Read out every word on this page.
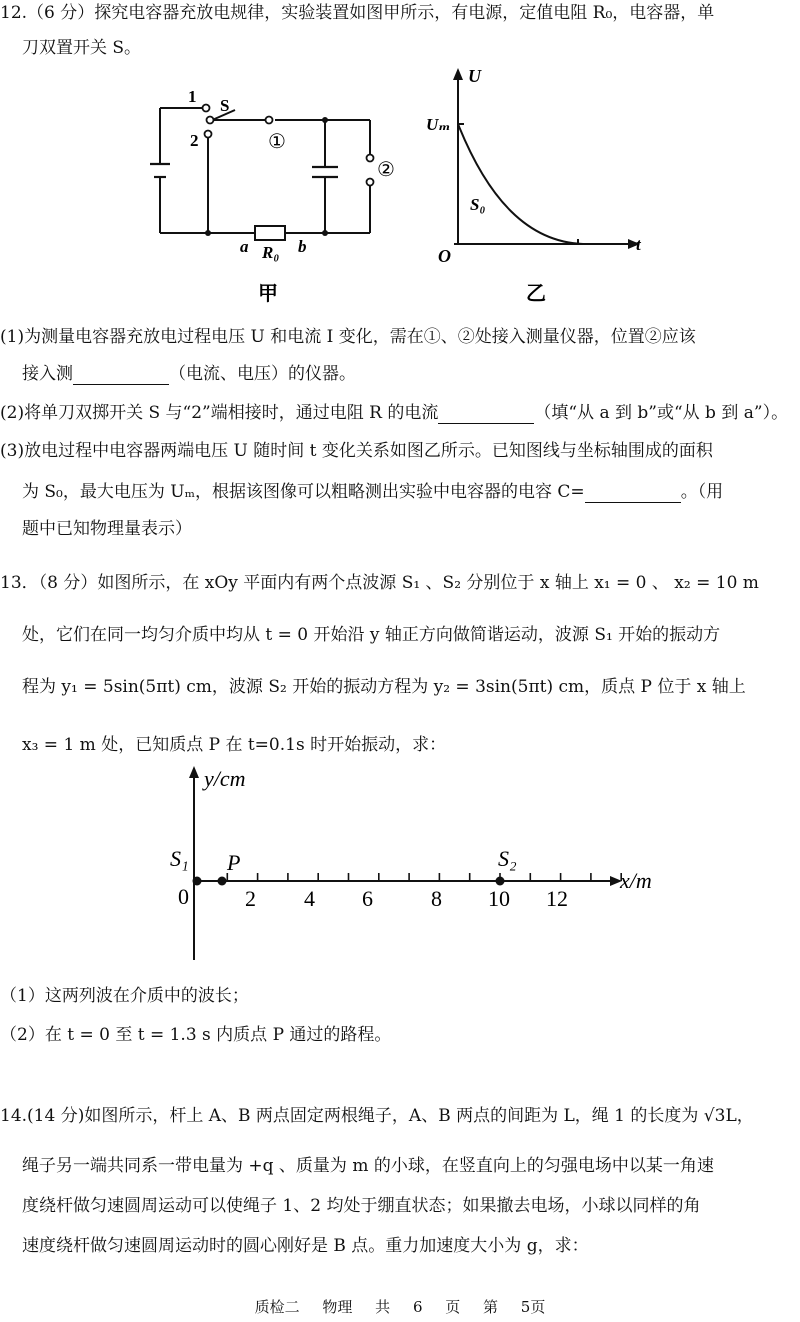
12.（6 分）探究电容器充放电规律，实验装置如图甲所示，有电源，定值电阻 R₀，电容器，单
刀双置开关 S。
1 S
2	①
②
a R₀ b
甲
U
Uₘ
S₀
O
t
乙
(1)为测量电容器充放电过程电压 U 和电流 I 变化，需在①、②处接入测量仪器，位置②应该
接入测	（电流、电压）的仪器。
(2)将单刀双掷开关 S 与“2”端相接时，通过电阻 R 的电流	（填“从 a 到 b”或“从 b 到 a”）。
(3)放电过程中电容器两端电压 U 随时间 t 变化关系如图乙所示。已知图线与坐标轴围成的面积
为 S₀，最大电压为 Uₘ，根据该图像可以粗略测出实验中电容器的电容 C=	。（用
题中已知物理量表示）
13．（8 分）如图所示，在 xOy 平面内有两个点波源 S₁ 、S₂ 分别位于 x 轴上 x₁ = 0 、 x₂ = 10 m
处，它们在同一均匀介质中均从 t = 0 开始沿 y 轴正方向做简谐运动，波源 S₁ 开始的振动方
程为 y₁ = 5sin(5πt) cm，波源 S₂ 开始的振动方程为 y₂ = 3sin(5πt) cm，质点 P 位于 x 轴上
x₃ = 1 m 处，已知质点 P 在 t=0.1s 时开始振动，求：
y/cm
S₁ P	S₂
0
x/m
2 4 6	8 10 12
（1）这两列波在介质中的波长；
（2）在 t = 0 至 t = 1.3 s 内质点 P 通过的路程。
14.(14 分)如图所示，杆上 A、B 两点固定两根绳子，A、B 两点的间距为 L，绳 1 的长度为 √3L，
绳子另一端共同系一带电量为 +q 、质量为 m 的小球，在竖直向上的匀强电场中以某一角速
度绕杆做匀速圆周运动可以使绳子 1、2 均处于绷直状态；如果撤去电场，小球以同样的角
速度绕杆做匀速圆周运动时的圆心刚好是 B 点。重力加速度大小为 g，求：
质检二 物理 共 6 页 第 5页
